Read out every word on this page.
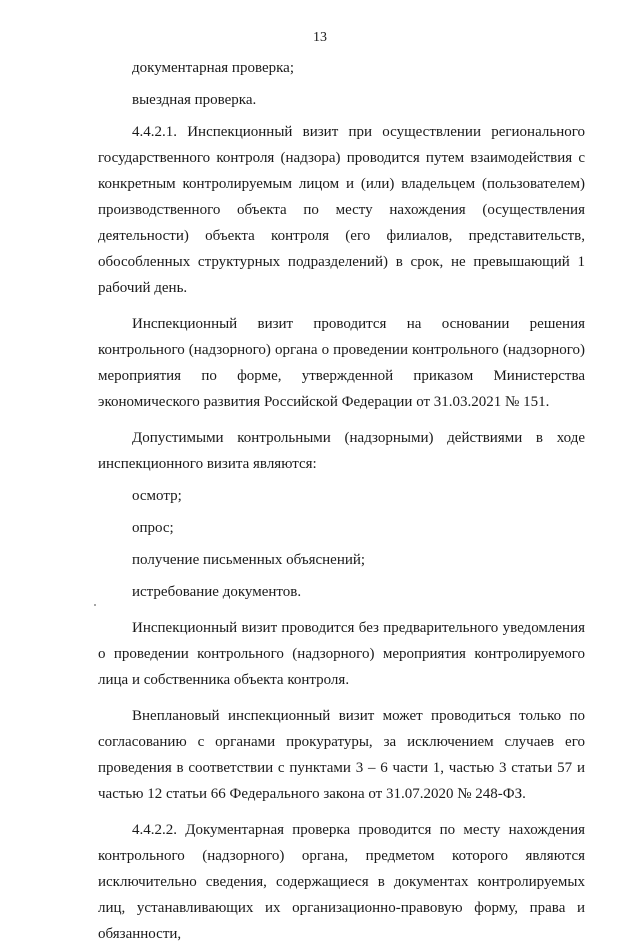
13

документарная проверка;

выездная проверка.

4.4.2.1. Инспекционный визит при осуществлении регионального государственного контроля (надзора) проводится путем взаимодействия с конкретным контролируемым лицом и (или) владельцем (пользователем) производственного объекта по месту нахождения (осуществления деятельности) объекта контроля (его филиалов, представительств, обособленных структурных подразделений) в срок, не превышающий 1 рабочий день.

Инспекционный визит проводится на основании решения контрольного (надзорного) органа о проведении контрольного (надзорного) мероприятия по форме, утвержденной приказом Министерства экономического развития Российской Федерации от 31.03.2021 № 151.

Допустимыми контрольными (надзорными) действиями в ходе инспекционного визита являются:

осмотр;

опрос;

получение письменных объяснений;

истребование документов.

Инспекционный визит проводится без предварительного уведомления о проведении контрольного (надзорного) мероприятия контролируемого лица и собственника объекта контроля.

Внеплановый инспекционный визит может проводиться только по согласованию с органами прокуратуры, за исключением случаев его проведения в соответствии с пунктами 3 – 6 части 1, частью 3 статьи 57 и частью 12 статьи 66 Федерального закона от 31.07.2020 № 248-ФЗ.

4.4.2.2. Документарная проверка проводится по месту нахождения контрольного (надзорного) органа, предметом которого являются исключительно сведения, содержащиеся в документах контролируемых лиц, устанавливающих их организационно-правовую форму, права и обязанности,
